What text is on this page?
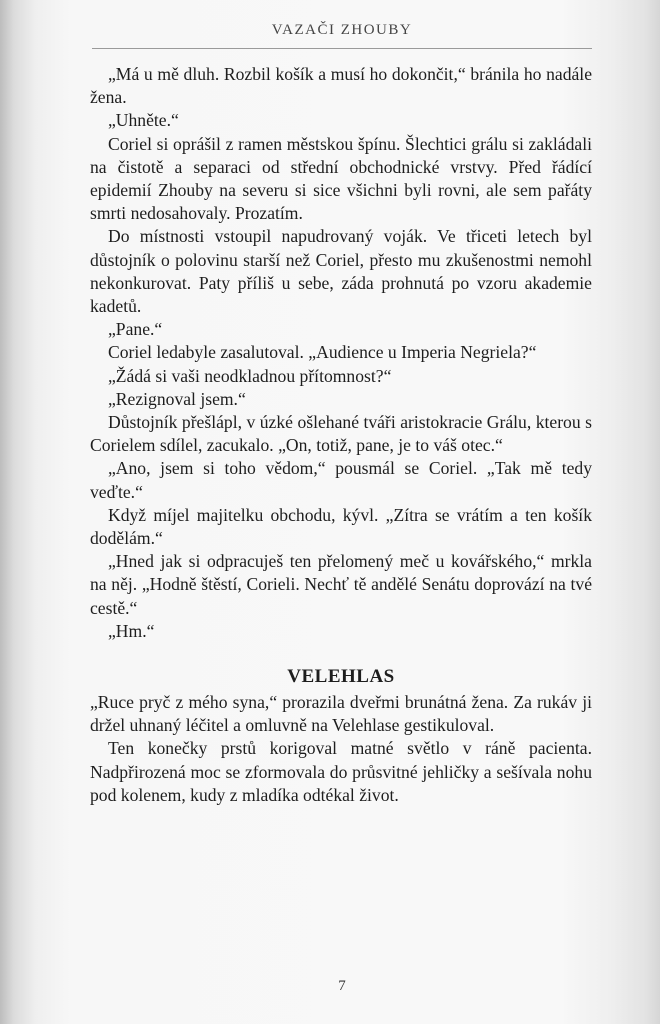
VAZAČI ZHOUBY

„Má u mě dluh. Rozbil košík a musí ho dokončit,“ bránila ho nadále žena.

„Uhněte.“

Coriel si oprášil z ramen městskou špínu. Šlechtici grálu si zakládali na čistotě a separaci od střední obchodnické vrstvy. Před řádící epidemií Zhouby na severu si sice všichni byli rovni, ale sem pařáty smrti nedosahovaly. Prozatím.

Do místnosti vstoupil napudrovaný voják. Ve třiceti letech byl důstojník o polovinu starší než Coriel, přesto mu zkušenostmi nemohl nekonkurovat. Paty příliš u sebe, záda prohnutá po vzoru akademie kadetů.

„Pane.“

Coriel ledabyle zasalutoval. „Audience u Imperia Negriela?“

„Žádá si vaši neodkladnou přítomnost?“

„Rezignoval jsem.“

Důstojník přešlápl, v úzké ošlehané tváři aristokracie Grálu, kterou s Corielem sdílel, zacukalo. „On, totiž, pane, je to váš otec.“

„Ano, jsem si toho vědom,“ pousmál se Coriel. „Tak mě tedy veďte.“

Když míjel majitelku obchodu, kývl. „Zítra se vrátím a ten košík dodělám.“

„Hned jak si odpracuješ ten přelomený meč u kovářského,“ mrkla na něj. „Hodně štěstí, Corieli. Nechť tě andělé Senátu doprovází na tvé cestě.“

„Hm.“

VELEHLAS

„Ruce pryč z mého syna,“ prorazila dveřmi brunátná žena. Za rukáv ji držel uhnaný léčitel a omluvně na Velehlase gestikuloval.

Ten konečky prstů korigoval matné světlo v ráně pacienta. Nadpřirozená moc se zformovala do průsvitné jehličky a sešívala nohu pod kolenem, kudy z mladíka odtékal život.

7
